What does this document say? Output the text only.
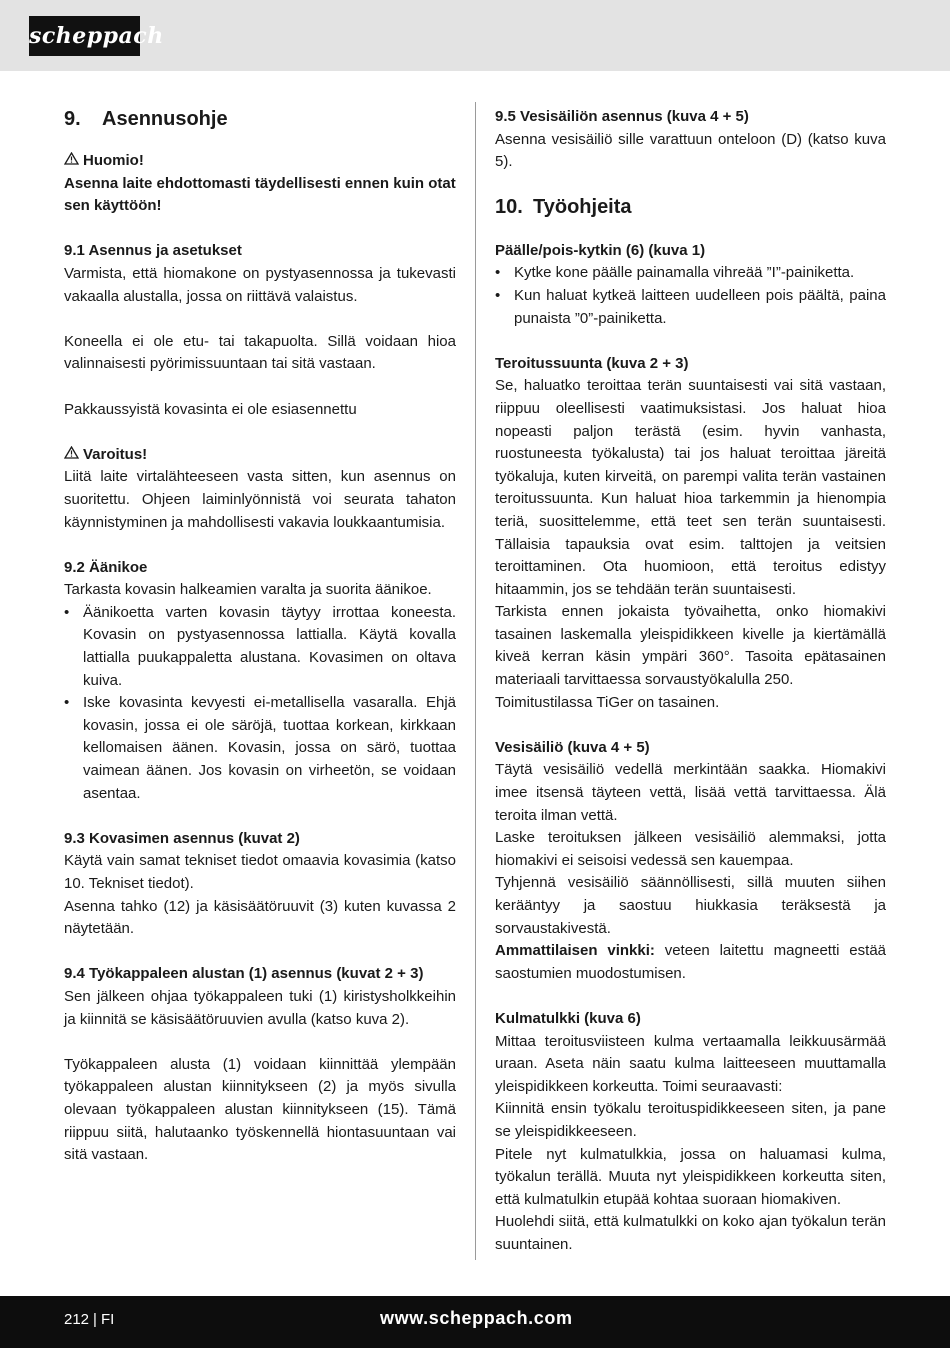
scheppach
9. Asennusohje
Huomio!
Asenna laite ehdottomasti täydellisesti ennen kuin otat sen käyttöön!
9.1 Asennus ja asetukset
Varmista, että hiomakone on pystyasennossa ja tukevasti vakaalla alustalla, jossa on riittävä valaistus.
Koneella ei ole etu- tai takapuolta. Sillä voidaan hioa valinnaisesti pyörimissuuntaan tai sitä vastaan.
Pakkaussyistä kovasinta ei ole esiasennettu
Varoitus!
Liitä laite virtalähteeseen vasta sitten, kun asennus on suoritettu. Ohjeen laiminlyönnistä voi seurata tahaton käynnistyminen ja mahdollisesti vakavia loukkaantumisia.
9.2 Äänikoe
Tarkasta kovasin halkeamien varalta ja suorita äänikoe.
• Äänikoetta varten kovasin täytyy irrottaa koneesta. Kovasin on pystyasennossa lattialla. Käytä kovalla lattialla puukappaletta alustana. Kovasimen on oltava kuiva.
• Iske kovasinta kevyesti ei-metallisella vasaralla. Ehjä kovasin, jossa ei ole säröjä, tuottaa korkean, kirkkaan kellomaisen äänen. Kovasin, jossa on särö, tuottaa vaimean äänen. Jos kovasin on virheetön, se voidaan asentaa.
9.3 Kovasimen asennus (kuvat 2)
Käytä vain samat tekniset tiedot omaavia kovasimia (katso 10. Tekniset tiedot).
Asenna tahko (12) ja käsisäätöruuvit (3) kuten kuvassa 2 näytetään.
9.4 Työkappaleen alustan (1) asennus (kuvat 2 + 3)
Sen jälkeen ohjaa työkappaleen tuki (1) kiristysholkkeihin ja kiinnitä se käsisäätöruuvien avulla (katso kuva 2).
Työkappaleen alusta (1) voidaan kiinnittää ylempään työkappaleen alustan kiinnitykseen (2) ja myös sivulla olevaan työkappaleen alustan kiinnitykseen (15). Tämä riippuu siitä, halutaanko työskennellä hiontasuuntaan vai sitä vastaan.
9.5 Vesisäiliön asennus (kuva 4 + 5)
Asenna vesisäiliö sille varattuun onteloon (D) (katso kuva 5).
10. Työohjeita
Päälle/pois-kytkin (6) (kuva 1)
• Kytke kone päälle painamalla vihreää ”I”-painiketta.
• Kun haluat kytkeä laitteen uudelleen pois päältä, paina punaista ”0”-painiketta.
Teroitussuunta (kuva 2 + 3)
Se, haluatko teroittaa terän suuntaisesti vai sitä vastaan, riippuu oleellisesti vaatimuksistasi. Jos haluat hioa nopeasti paljon terästä (esim. hyvin vanhasta, ruostuneesta työkalusta) tai jos haluat teroittaa järeitä työkaluja, kuten kirveitä, on parempi valita terän vastainen teroitussuunta. Kun haluat hioa tarkemmin ja hienompia teriä, suosittelemme, että teet sen terän suuntaisesti. Tällaisia tapauksia ovat esim. talttojen ja veitsien teroittaminen. Ota huomioon, että teroitus edistyy hitaammin, jos se tehdään terän suuntaisesti.
Tarkista ennen jokaista työvaihetta, onko hiomakivi tasainen laskemalla yleispidikkeen kivelle ja kiertämällä kiveä kerran käsin ympäri 360°. Tasoita epätasainen materiaali tarvittaessa sorvaustyökalulla 250.
Toimitustilassa TiGer on tasainen.
Vesisäiliö (kuva 4 + 5)
Täytä vesisäiliö vedellä merkintään saakka. Hiomakivi imee itsensä täyteen vettä, lisää vettä tarvittaessa. Älä teroita ilman vettä.
Laske teroituksen jälkeen vesisäiliö alemmaksi, jotta hiomakivi ei seisoisi vedessä sen kauempaa.
Tyhjennä vesisäiliö säännöllisesti, sillä muuten siihen kerääntyy ja saostuu hiukkasia teräksestä ja sorvaustakivestä.
Ammattilaisen vinkki: veteen laitettu magneetti estää saostumien muodostumisen.
Kulmatulkki (kuva 6)
Mittaa teroitusviisteen kulma vertaamalla leikkuusärmää uraan. Aseta näin saatu kulma laitteeseen muuttamalla yleispidikkeen korkeutta. Toimi seuraavasti:
Kiinnitä ensin työkalu teroituspidikkeeseen siten, ja pane se yleispidikkeeseen.
Pitele nyt kulmatulkkia, jossa on haluamasi kulma, työkalun terällä. Muuta nyt yleispidikkeen korkeutta siten, että kulmatulkin etupää kohtaa suoraan hiomakiven.
Huolehdi siitä, että kulmatulkki on koko ajan työkalun terän suuntainen.
212 | FI	www.scheppach.com
